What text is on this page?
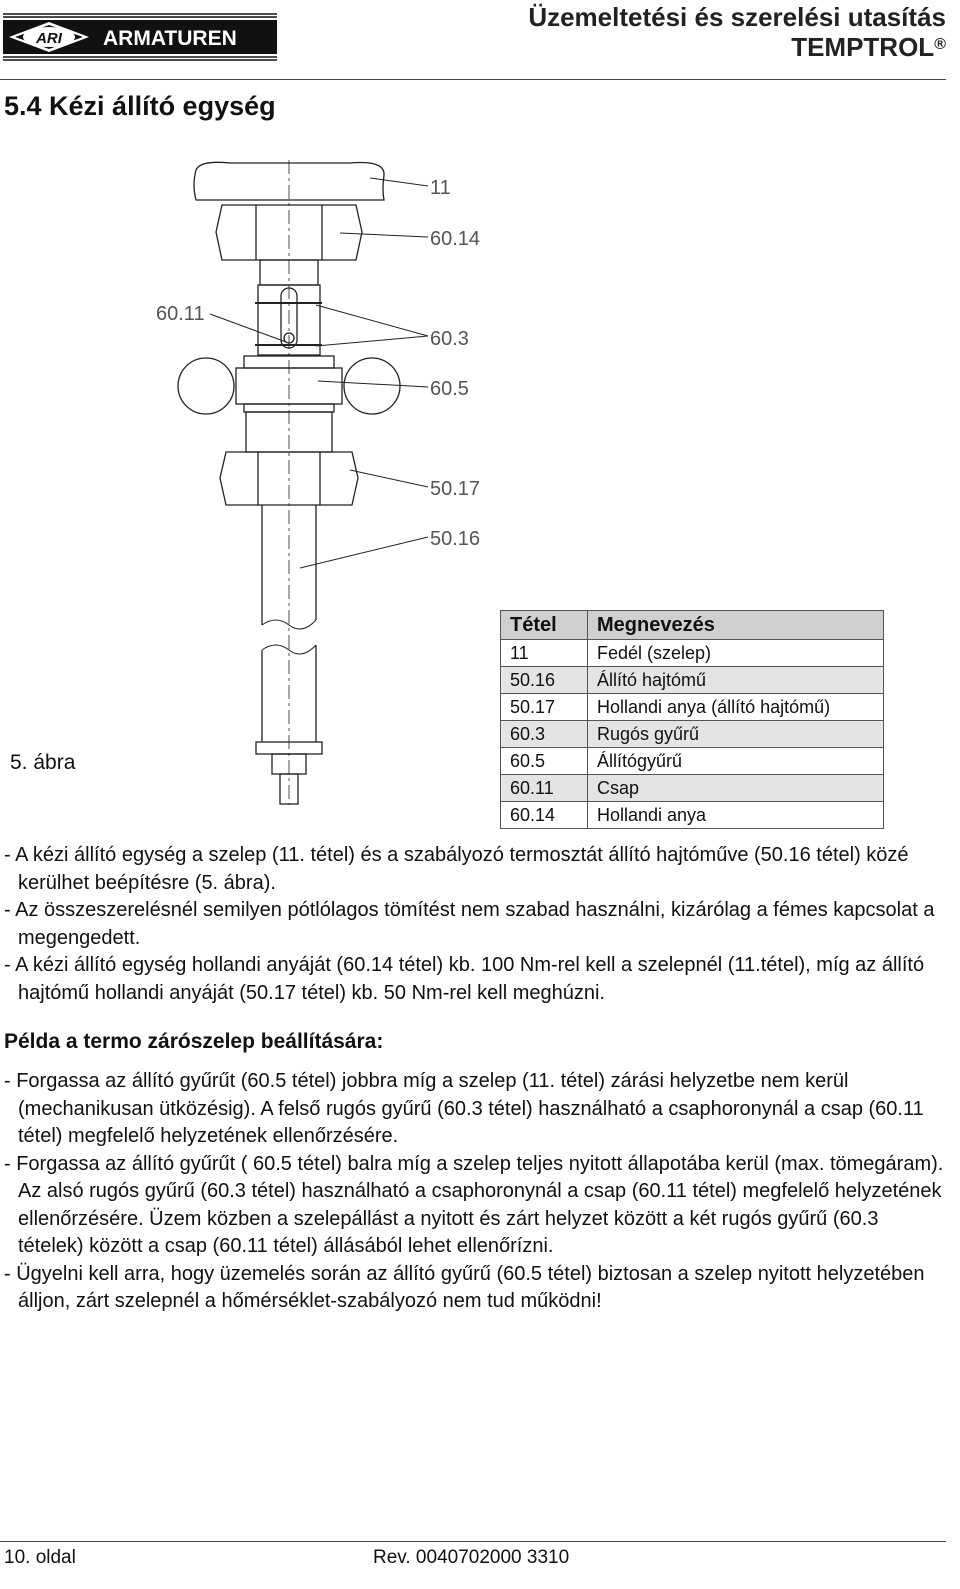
ARI ARMATUREN
Üzemeltetési és szerelési utasítás
TEMPTROL®
5.4 Kézi állító egység
11
60.14
60.11
60.3
60.5
50.17
50.16
5. ábra
Tétel	Megnevezés
11	Fedél (szelep)
50.16	Állító hajtómű
50.17	Hollandi anya (állító hajtómű)
60.3	Rugós gyűrű
60.5	Állítógyűrű
60.11	Csap
60.14	Hollandi anya
- A kézi állító egység a szelep (11. tétel) és a szabályozó termosztát állító hajtóműve (50.16 tétel) közé kerülhet beépítésre (5. ábra).
- Az összeszerelésnél semilyen pótlólagos tömítést nem szabad használni, kizárólag a fémes kapcsolat a megengedett.
- A kézi állító egység hollandi anyáját (60.14 tétel) kb. 100 Nm-rel kell a szelepnél (11.tétel), míg az állító hajtómű hollandi anyáját (50.17 tétel) kb. 50 Nm-rel kell meghúzni.
Példa a termo zárószelep beállítására:
- Forgassa az állító gyűrűt (60.5 tétel) jobbra míg a szelep (11. tétel) zárási helyzetbe nem kerül (mechanikusan ütközésig). A felső rugós gyűrű (60.3 tétel) használható a csaphoronynál a csap (60.11 tétel) megfelelő helyzetének ellenőrzésére.
- Forgassa az állító gyűrűt ( 60.5 tétel) balra míg a szelep teljes nyitott állapotába kerül (max. tömegáram). Az alsó rugós gyűrű (60.3 tétel) használható a csaphoronynál a csap (60.11 tétel) megfelelő helyzetének ellenőrzésére. Üzem közben a szelepállást a nyitott és zárt helyzet között a két rugós gyűrű (60.3 tételek) között a csap (60.11 tétel) állásából lehet ellenőrízni.
- Ügyelni kell arra, hogy üzemelés során az állító gyűrű (60.5 tétel) biztosan a szelep nyitott helyzetében álljon, zárt szelepnél a hőmérséklet-szabályozó nem tud működni!
10. oldal	Rev. 0040702000 3310
